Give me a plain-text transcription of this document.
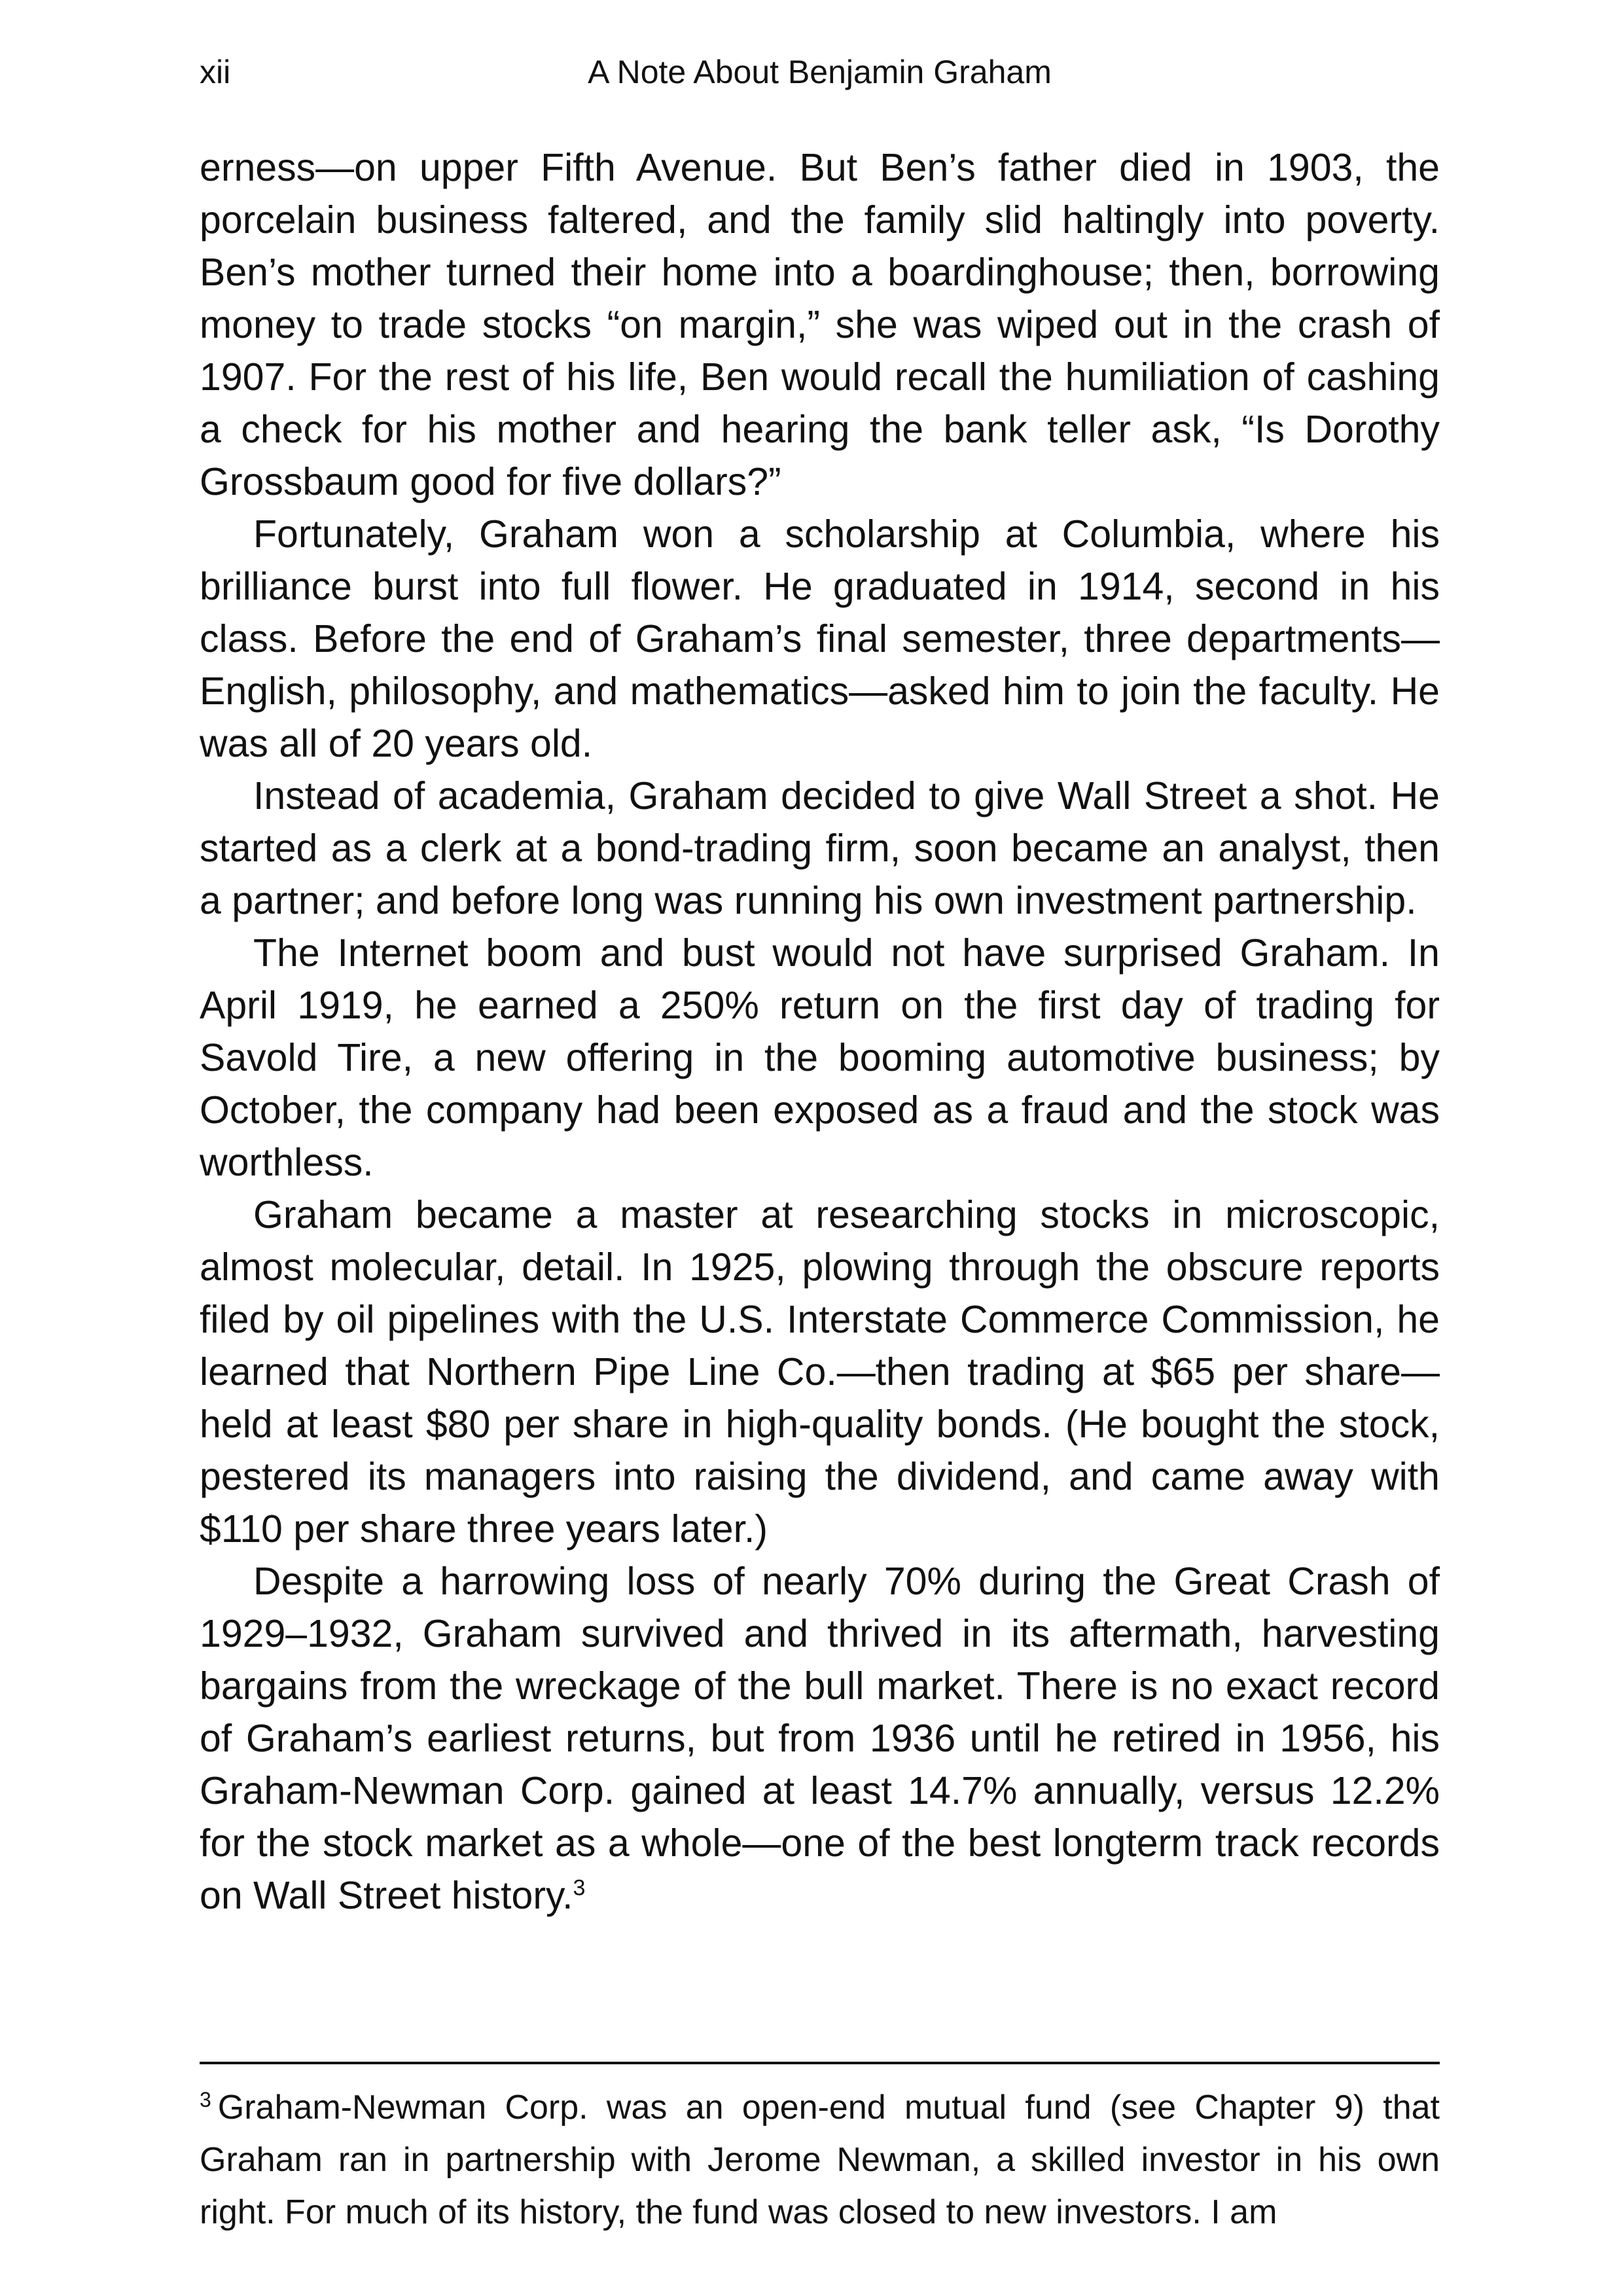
xii	A Note About Benjamin Graham

erness—on upper Fifth Avenue. But Ben’s father died in 1903, the porcelain business faltered, and the family slid haltingly into poverty. Ben’s mother turned their home into a boardinghouse; then, borrowing money to trade stocks “on margin,” she was wiped out in the crash of 1907. For the rest of his life, Ben would recall the humiliation of cashing a check for his mother and hearing the bank teller ask, “Is Dorothy Grossbaum good for five dollars?”

Fortunately, Graham won a scholarship at Columbia, where his brilliance burst into full flower. He graduated in 1914, second in his class. Before the end of Graham’s final semester, three departments— English, philosophy, and mathematics—asked him to join the faculty. He was all of 20 years old.

Instead of academia, Graham decided to give Wall Street a shot. He started as a clerk at a bond-trading firm, soon became an analyst, then a partner; and before long was running his own investment partnership.

The Internet boom and bust would not have surprised Graham. In April 1919, he earned a 250% return on the first day of trading for Savold Tire, a new offering in the booming automotive business; by October, the company had been exposed as a fraud and the stock was worthless.

Graham became a master at researching stocks in microscopic, almost molecular, detail. In 1925, plowing through the obscure reports filed by oil pipelines with the U.S. Interstate Commerce Commission, he learned that Northern Pipe Line Co.—then trading at $65 per share—held at least $80 per share in high-quality bonds. (He bought the stock, pestered its managers into raising the dividend, and came away with $110 per share three years later.)

Despite a harrowing loss of nearly 70% during the Great Crash of 1929–1932, Graham survived and thrived in its aftermath, harvesting bargains from the wreckage of the bull market. There is no exact record of Graham’s earliest returns, but from 1936 until he retired in 1956, his Graham-Newman Corp. gained at least 14.7% annually, versus 12.2% for the stock market as a whole—one of the best longterm track records on Wall Street history.$^3$

$^3$ Graham-Newman Corp. was an open-end mutual fund (see Chapter 9) that Graham ran in partnership with Jerome Newman, a skilled investor in his own right. For much of its history, the fund was closed to new investors. I am
